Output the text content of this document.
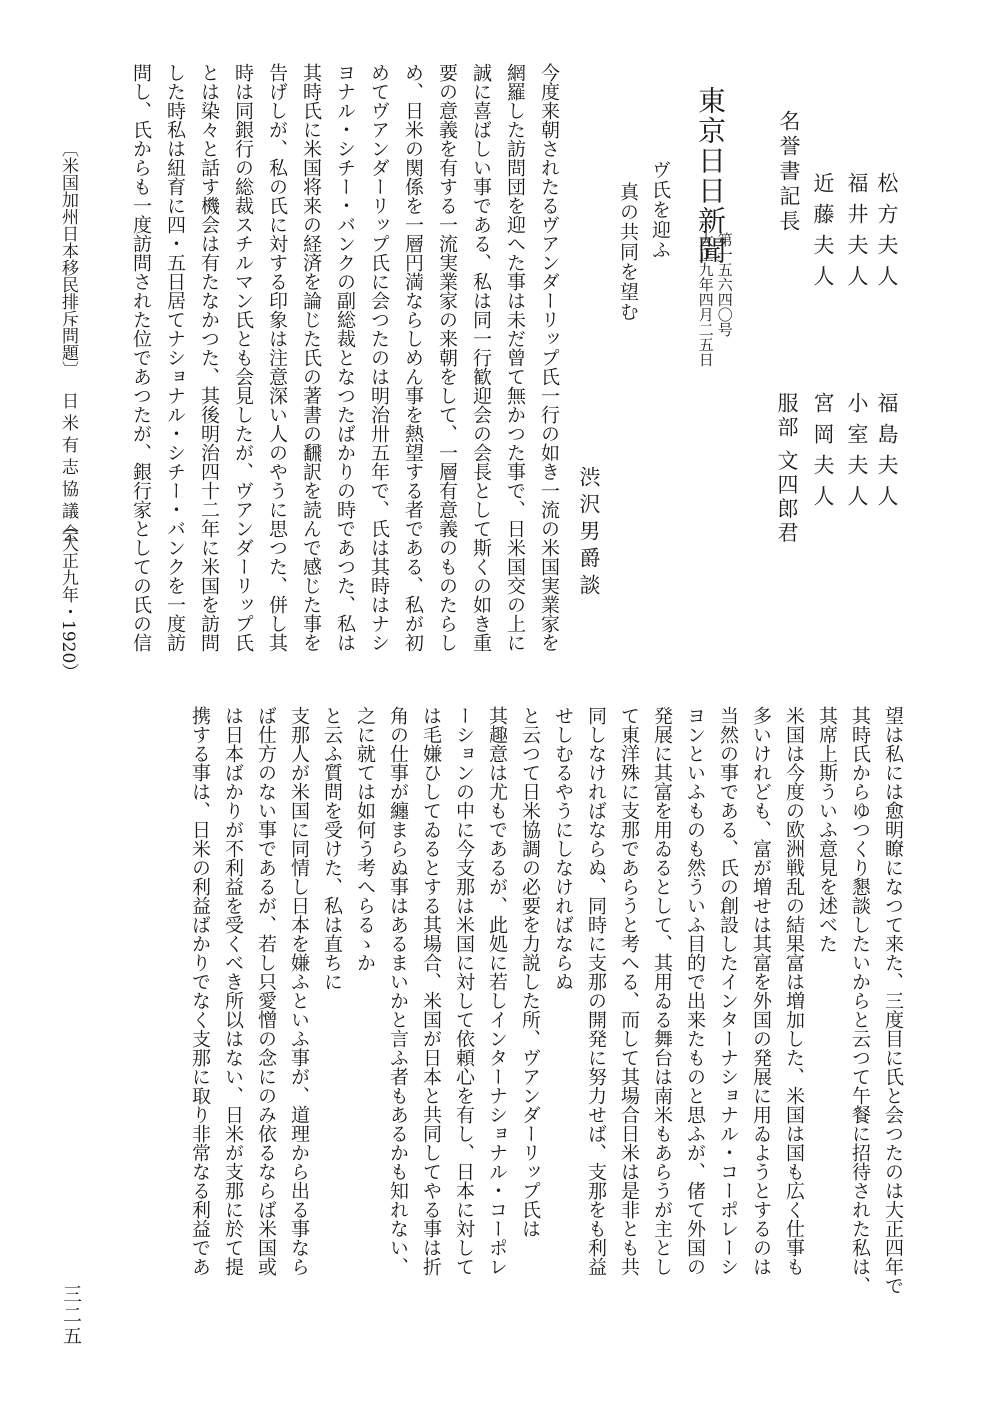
松方夫人
福井夫人
近藤夫人
名誉書記長
福島夫人
小室夫人
宮岡夫人
服部 文四郎君
東京日日新聞
第一五六四〇号
大正九年四月二五日
ヴ氏を迎ふ
真の共同を望む
渋沢男爵談
今度来朝されたるヴアンダーリップ氏一行の如き一流の米国実業家を
網羅した訪問団を迎へた事は未だ曾て無かつた事で、日米国交の上に
誠に喜ばしい事である、私は同一行歓迎会の会長として斯くの如き重
要の意義を有する一流実業家の来朝をして、一層有意義のものたらし
め、日米の関係を一層円満ならしめん事を熱望する者である、私が初
めてヴアンダーリップ氏に会つたのは明治卅五年で、氏は其時はナシ
ヨナル・シチー・バンクの副総裁となつたばかりの時であつた、私は
其時氏に米国将来の経済を論じた氏の著書の飜訳を読んで感じた事を
告げしが、私の氏に対する印象は注意深い人のやうに思つた、併し其
時は同銀行の総裁スチルマン氏とも会見したが、ヴアンダーリップ氏
とは染々と話す機会は有たなかつた、其後明治四十二年に米国を訪問
した時私は紐育に四・五日居てナショナル・シチー・バンクを一度訪
問し、氏からも一度訪問された位であつたが、銀行家としての氏の信
望は私には愈明瞭になつて来た、三度目に氏と会つたのは大正四年で
其時氏からゆつくり懇談したいからと云つて午餐に招待された私は、
其席上斯ういふ意見を述べた
米国は今度の欧洲戦乱の結果富は増加した、米国は国も広く仕事も
多いけれども、富が増せは其富を外国の発展に用ゐようとするのは
当然の事である、氏の創設したインターナショナル・コーポレーシ
ヨンといふものも然ういふ目的で出来たものと思ふが、偖て外国の
発展に其富を用ゐるとして、其用ゐる舞台は南米もあらうが主とし
て東洋殊に支那であらうと考へる、而して其場合日米は是非とも共
同しなければならぬ、同時に支那の開発に努力せば、支那をも利益
せしむるやうにしなければならぬ
と云つて日米協調の必要を力説した所、ヴアンダーリップ氏は
其趣意は尤もであるが、此処に若しインターナショナル・コーポレ
ーションの中に今支那は米国に対して依頼心を有し、日本に対して
は毛嫌ひしてゐるとする其場合、米国が日本と共同してやる事は折
角の仕事が纏まらぬ事はあるまいかと言ふ者もあるかも知れない、
之に就ては如何う考へらるゝか
と云ふ質問を受けた、私は直ちに
支那人が米国に同情し日本を嫌ふといふ事が、道理から出る事なら
ば仕方のない事であるが、若し只愛憎の念にのみ依るならば米国或
は日本ばかりが不利益を受くべき所以はない、日米が支那に於て提
携する事は、日米の利益ばかりでなく支那に取り非常なる利益であ
〔米国加州日本移民排斥問題〕
日米有志協議会
（大正九年・1920）
三二五
